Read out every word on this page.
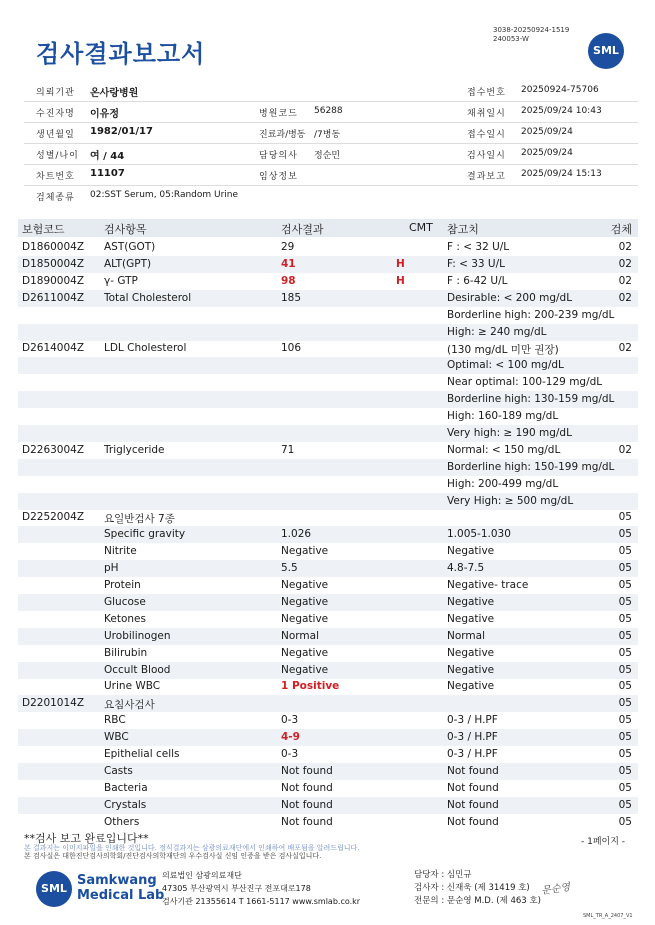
3038-20250924-1519
240053-W
검사결과보고서	SML
의뢰기관 온사랑병원	접수번호 20250924-75706
수진자명 이유정	병원코드 56288	채취일시 2025/09/24 10:43
생년월일 1982/01/17	진료과/병동 /7병동	접수일시 2025/09/24
성별/나이 여 / 44	담당의사 정순민	검사일시 2025/09/24
차트번호 11107	임상정보	결과보고 2025/09/24 15:13
검체종류 02:SST Serum, 05:Random Urine
보험코드	검사항목	검사결과	CMT 참고치	검체
D1860004Z AST(GOT)	29	F : < 32 U/L	02
D1850004Z ALT(GPT)	41	H	F: < 33 U/L	02
D1890004Z γ- GTP	98	H	F : 6-42 U/L	02
D2611004Z Total Cholesterol	185	Desirable: < 200 mg/dL	02
Borderline high: 200-239 mg/dL
High: ≥ 240 mg/dL
D2614004Z LDL Cholesterol	106	(130 mg/dL 미만 권장)	02
Optimal: < 100 mg/dL
Near optimal: 100-129 mg/dL
Borderline high: 130-159 mg/dL
High: 160-189 mg/dL
Very high: ≥ 190 mg/dL
D2263004Z Triglyceride	71	Normal: < 150 mg/dL	02
Borderline high: 150-199 mg/dL
High: 200-499 mg/dL
Very High: ≥ 500 mg/dL
D2252004Z 요일반검사 7종	05
Specific gravity	1.026	1.005-1.030	05
Nitrite	Negative	Negative	05
pH	5.5	4.8-7.5	05
Protein	Negative	Negative- trace	05
Glucose	Negative	Negative	05
Ketones	Negative	Negative	05
Urobilinogen	Normal	Normal	05
Bilirubin	Negative	Negative	05
Occult Blood	Negative	Negative	05
Urine WBC	1 Positive	Negative	05
D2201014Z 요침사검사	05
RBC	0-3	0-3 / H.PF	05
WBC	4-9	0-3 / H.PF	05
Epithelial cells	0-3	0-3 / H.PF	05
Casts	Not found	Not found	05
Bacteria	Not found	Not found	05
Crystals	Not found	Not found	05
Others	Not found	Not found	05
**검사 보고 완료입니다**	- 1페이지 -
본 결과지는 이미지파일을 인쇄한 것입니다. 정식결과지는 삼광의료재단에서 인쇄하여 배포됨을 알려드립니다.
본 검사실은 대한진단검사의학회/진단검사의학재단의 우수검사실 신임 인증을 받은 검사실입니다.
SML
Samkwang
Medical Lab
의료법인 삼광의료재단
47305 부산광역시 부산진구 전포대로178
검사기관 21355614 T 1661-5117 www.smlab.co.kr
담당자 : 심민규
검사자 : 신재욱 (제 31419 호)
전문의 : 문순영 M.D. (제 463 호)
문순영
SML_TR_A_2407_V1
